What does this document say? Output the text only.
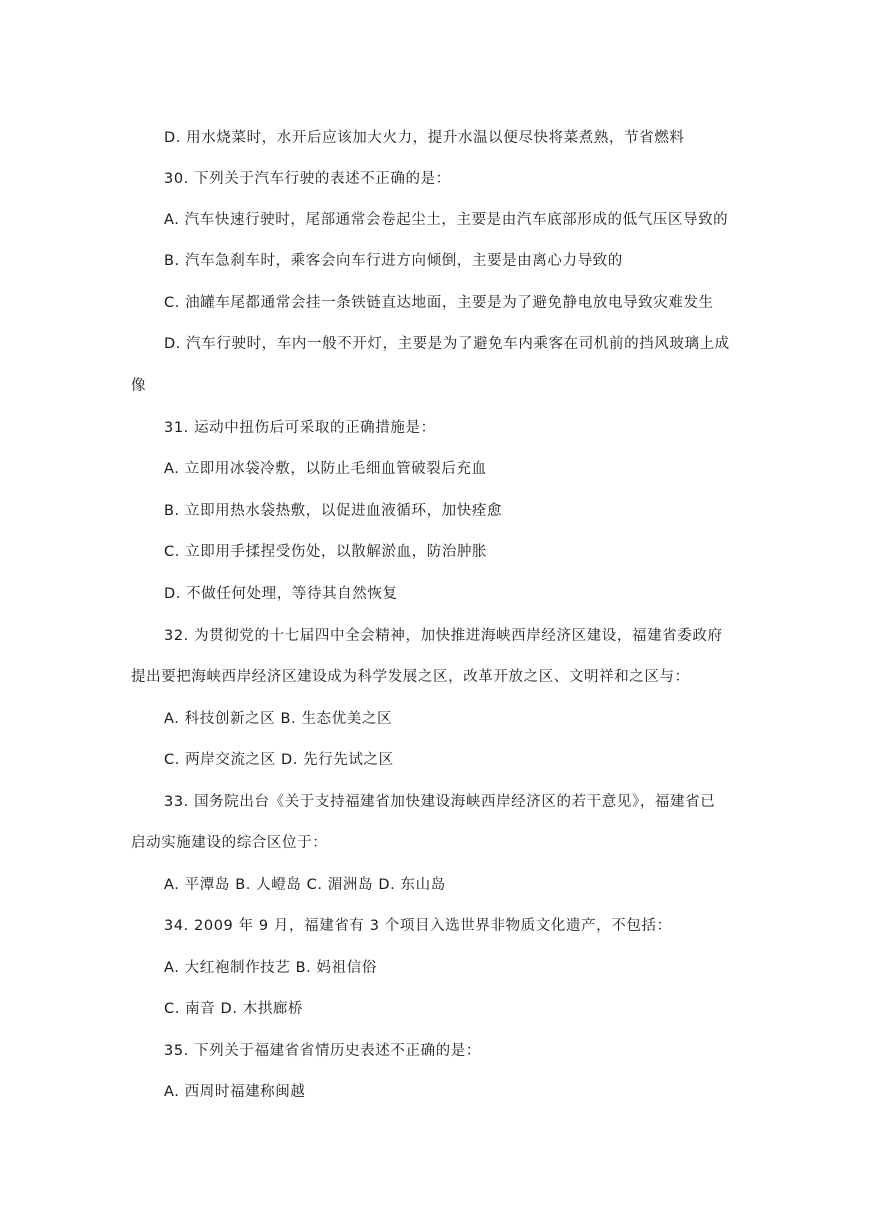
D. 用水烧菜时，水开后应该加大火力，提升水温以便尽快将菜煮熟，节省燃料
30. 下列关于汽车行驶的表述不正确的是：
A. 汽车快速行驶时，尾部通常会卷起尘土，主要是由汽车底部形成的低气压区导致的
B. 汽车急刹车时，乘客会向车行进方向倾倒，主要是由离心力导致的
C. 油罐车尾都通常会挂一条铁链直达地面，主要是为了避免静电放电导致灾难发生
D. 汽车行驶时，车内一般不开灯，主要是为了避免车内乘客在司机前的挡风玻璃上成
像
31. 运动中扭伤后可采取的正确措施是：
A. 立即用冰袋冷敷，以防止毛细血管破裂后充血
B. 立即用热水袋热敷，以促进血液循环，加快痊愈
C. 立即用手揉捏受伤处，以散解淤血，防治肿胀
D. 不做任何处理，等待其自然恢复
32. 为贯彻党的十七届四中全会精神，加快推进海峡西岸经济区建设，福建省委政府
提出要把海峡西岸经济区建设成为科学发展之区，改革开放之区、文明祥和之区与：
A. 科技创新之区 B. 生态优美之区
C. 两岸交流之区 D. 先行先试之区
33. 国务院出台《关于支持福建省加快建设海峡西岸经济区的若干意见》，福建省已
启动实施建设的综合区位于：
A. 平潭岛 B. 人嶝岛 C. 湄洲岛 D. 东山岛
34. 2009 年 9 月，福建省有 3 个项目入选世界非物质文化遗产，不包括：
A. 大红袍制作技艺 B. 妈祖信俗
C. 南音 D. 木拱廊桥
35. 下列关于福建省省情历史表述不正确的是：
A. 西周时福建称闽越
